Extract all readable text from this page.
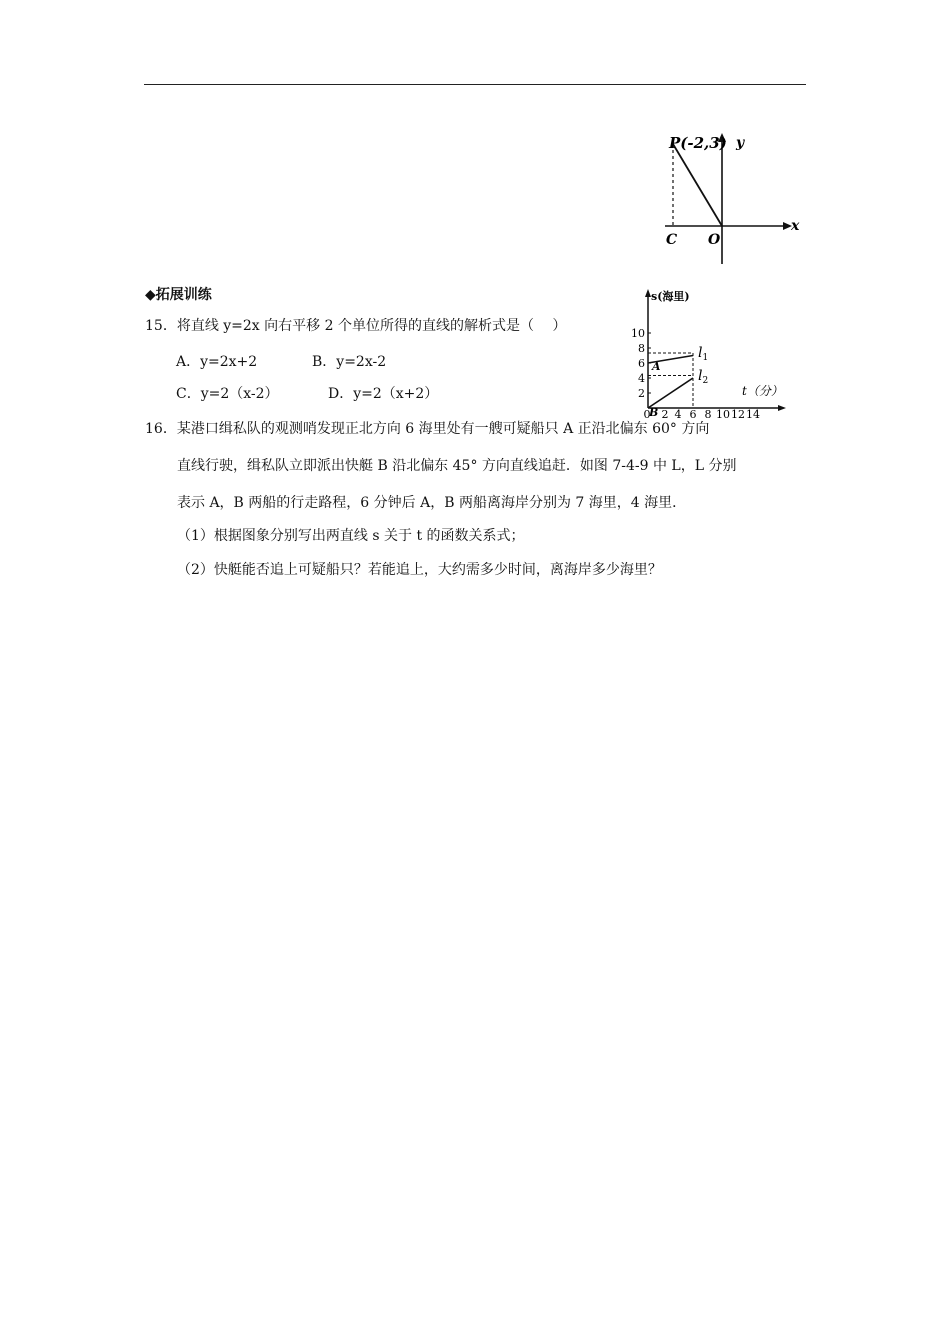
P(-2,3) y
x
C O
s(海里)
t（分）
10
8
6
4
2
0 2 4 6 8 10 12 14
A
B
$l_1$
$l_2$
◆拓展训练
15．将直线 y=2x 向右平移 2 个单位所得的直线的解析式是（　 ）
A．y=2x+2	B．y=2x-2
C．y=2（x-2）	D．y=2（x+2）
16．某港口缉私队的观测哨发现正北方向 6 海里处有一艘可疑船只 A 正沿北偏东 60° 方向
直线行驶，缉私队立即派出快艇 B 沿北偏东 45° 方向直线追赶．如图 7-4-9 中 L，L 分别
表示 A，B 两船的行走路程，6 分钟后 A，B 两船离海岸分别为 7 海里，4 海里．
（1）根据图象分别写出两直线 s 关于 t 的函数关系式；
（2）快艇能否追上可疑船只？若能追上，大约需多少时间，离海岸多少海里？
